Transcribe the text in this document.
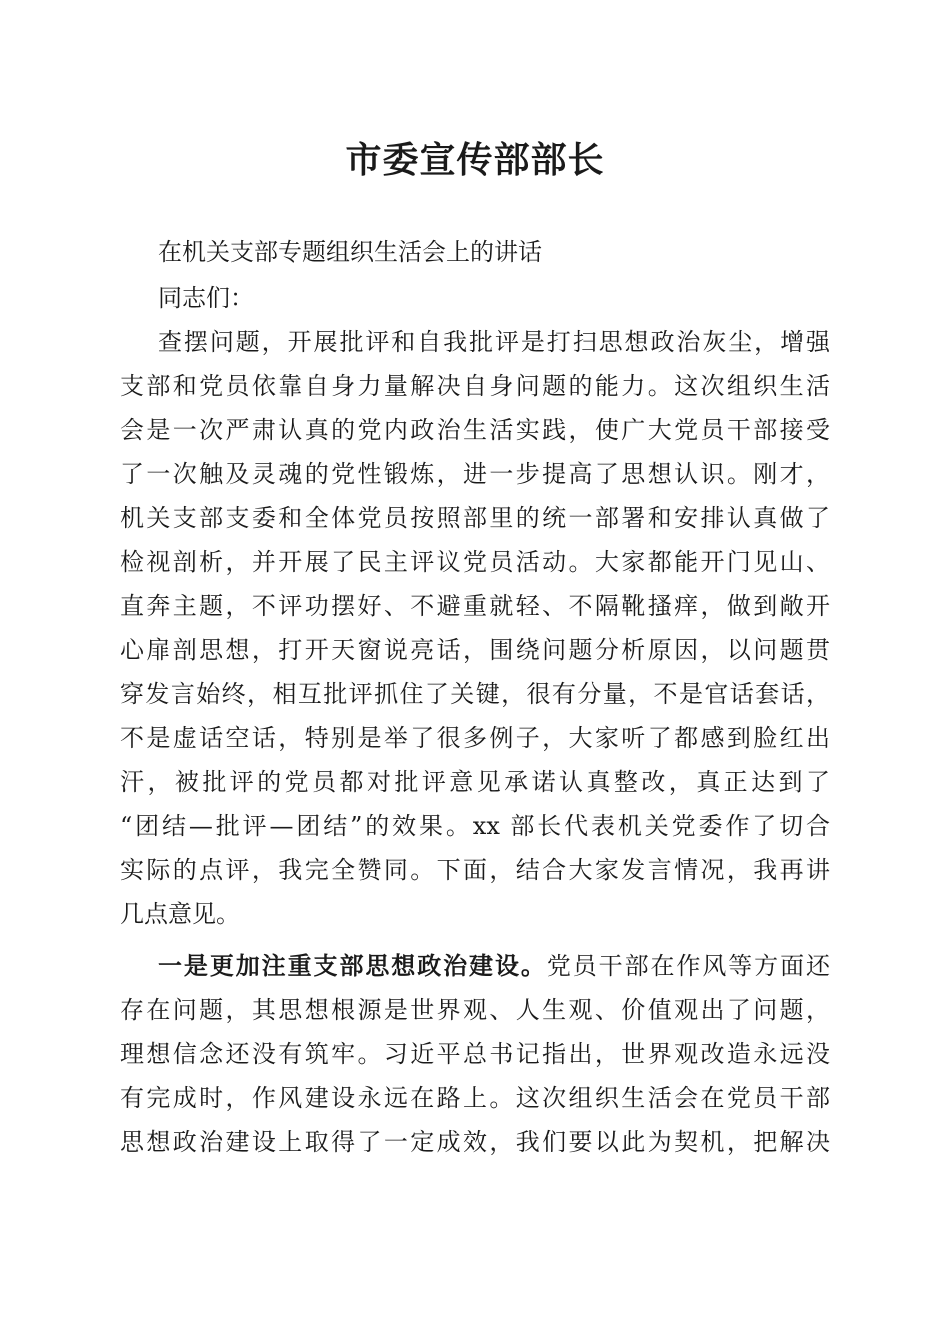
市委宣传部部长

在机关支部专题组织生活会上的讲话

同志们：

查摆问题，开展批评和自我批评是打扫思想政治灰尘，增强

支部和党员依靠自身力量解决自身问题的能力。这次组织生活

会是一次严肃认真的党内政治生活实践，使广大党员干部接受

了一次触及灵魂的党性锻炼，进一步提高了思想认识。刚才，

机关支部支委和全体党员按照部里的统一部署和安排认真做了

检视剖析，并开展了民主评议党员活动。大家都能开门见山、

直奔主题，不评功摆好、不避重就轻、不隔靴搔痒，做到敞开

心扉剖思想，打开天窗说亮话，围绕问题分析原因，以问题贯

穿发言始终，相互批评抓住了关键，很有分量，不是官话套话，

不是虚话空话，特别是举了很多例子，大家听了都感到脸红出

汗，被批评的党员都对批评意见承诺认真整改，真正达到了

“团结—批评—团结”的效果。xx 部长代表机关党委作了切合

实际的点评，我完全赞同。下面，结合大家发言情况，我再讲

几点意见。

一是更加注重支部思想政治建设。党员干部在作风等方面还

存在问题，其思想根源是世界观、人生观、价值观出了问题，

理想信念还没有筑牢。习近平总书记指出，世界观改造永远没

有完成时，作风建设永远在路上。这次组织生活会在党员干部

思想政治建设上取得了一定成效，我们要以此为契机，把解决
